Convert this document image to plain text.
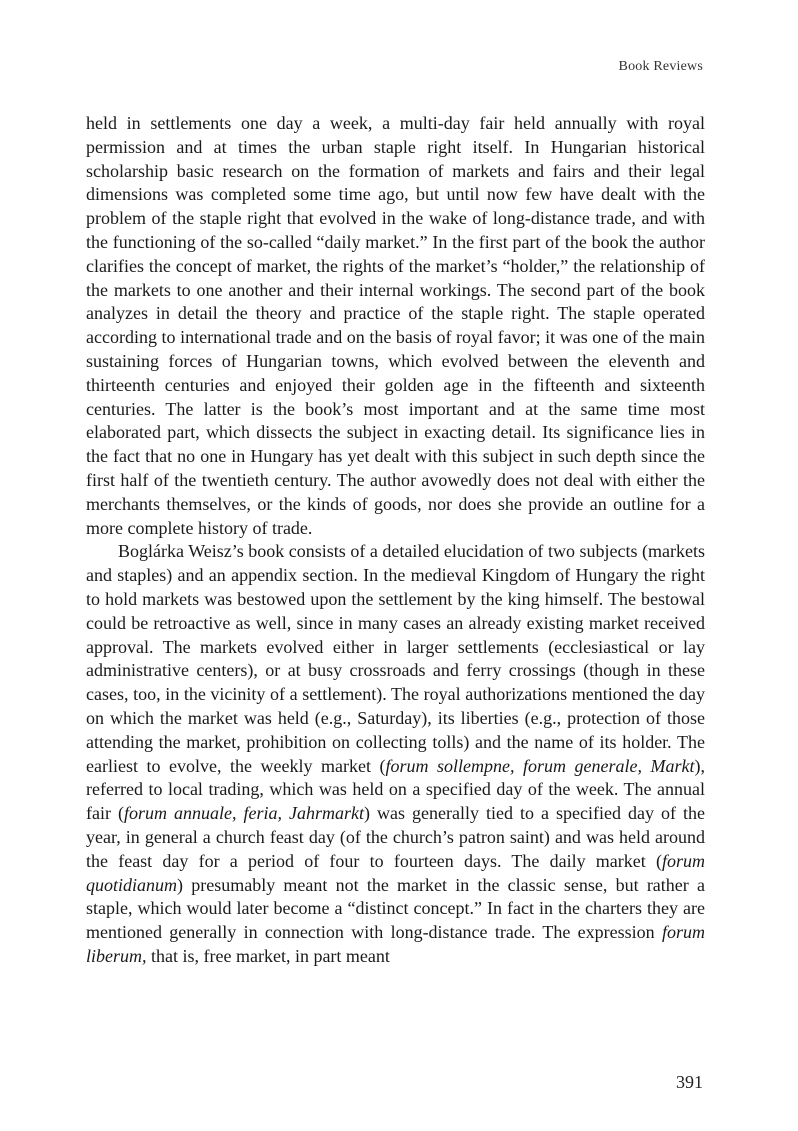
Book Reviews

held in settlements one day a week, a multi-day fair held annually with royal permission and at times the urban staple right itself. In Hungarian historical scholarship basic research on the formation of markets and fairs and their legal dimensions was completed some time ago, but until now few have dealt with the problem of the staple right that evolved in the wake of long-distance trade, and with the functioning of the so-called “daily market.” In the first part of the book the author clarifies the concept of market, the rights of the market’s “holder,” the relationship of the markets to one another and their internal workings. The second part of the book analyzes in detail the theory and practice of the staple right. The staple operated according to international trade and on the basis of royal favor; it was one of the main sustaining forces of Hungarian towns, which evolved between the eleventh and thirteenth centuries and enjoyed their golden age in the fifteenth and sixteenth centuries. The latter is the book’s most important and at the same time most elaborated part, which dissects the subject in exacting detail. Its significance lies in the fact that no one in Hungary has yet dealt with this subject in such depth since the first half of the twentieth century. The author avowedly does not deal with either the merchants themselves, or the kinds of goods, nor does she provide an outline for a more complete history of trade.

Boglárka Weisz’s book consists of a detailed elucidation of two subjects (markets and staples) and an appendix section. In the medieval Kingdom of Hungary the right to hold markets was bestowed upon the settlement by the king himself. The bestowal could be retroactive as well, since in many cases an already existing market received approval. The markets evolved either in larger settlements (ecclesiastical or lay administrative centers), or at busy crossroads and ferry crossings (though in these cases, too, in the vicinity of a settlement). The royal authorizations mentioned the day on which the market was held (e.g., Saturday), its liberties (e.g., protection of those attending the market, prohibition on collecting tolls) and the name of its holder. The earliest to evolve, the weekly market (forum sollempne, forum generale, Markt), referred to local trading, which was held on a specified day of the week. The annual fair (forum annuale, feria, Jahrmarkt) was generally tied to a specified day of the year, in general a church feast day (of the church’s patron saint) and was held around the feast day for a period of four to fourteen days. The daily market (forum quotidianum) presumably meant not the market in the classic sense, but rather a staple, which would later become a “distinct concept.” In fact in the charters they are mentioned generally in connection with long-distance trade. The expression forum liberum, that is, free market, in part meant

391
